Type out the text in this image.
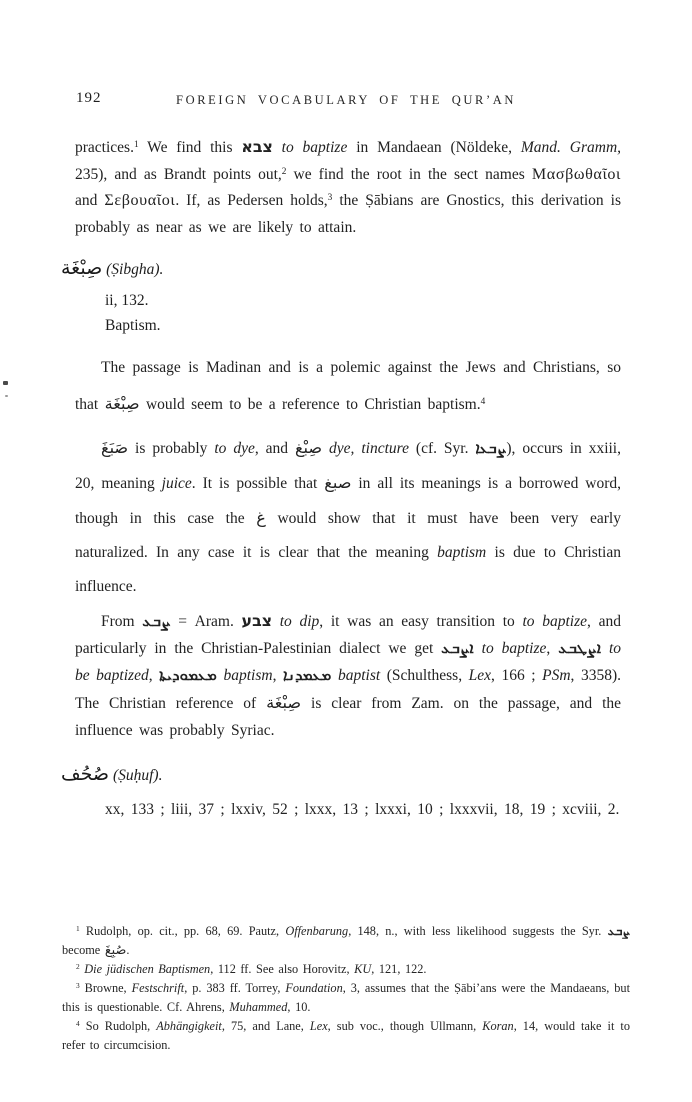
192	FOREIGN VOCABULARY OF THE QUR’AN

practices.$^1$ We find this צבא to baptize in Mandaean (Nöldeke, Mand. Gramm, 235), and as Brandt points out,$^2$ we find the root in the sect names Μασβωθαῖοι and Σεβουαῖοι. If, as Pedersen holds,$^3$ the Ṣābians are Gnostics, this derivation is probably as near as we are likely to attain.

صِبْغَة (Ṣibgha).
ii, 132.
Baptism.

The passage is Madinan and is a polemic against the Jews and Christians, so that صِبْغَة would seem to be a reference to Christian baptism.$^4$

صَبَغَ is probably to dye, and صِبْغ dye, tincture (cf. Syr. ܨܒܥܐ), occurs in xxiii, 20, meaning juice. It is possible that صبغ in all its meanings is a borrowed word, though in this case the غ would show that it must have been very early naturalized. In any case it is clear that the meaning baptism is due to Christian influence.

From ܨܒܥ = Aram. צבע to dip, it was an easy transition to to baptize, and particularly in the Christian-Palestinian dialect we get ܐܨܒܥ to baptize, ܐܨܛܒܥ to be baptized, ܡܥܡܘܕܝܬܐ baptism, ܡܥܡܕܢܐ baptist (Schulthess, Lex, 166 ; PSm, 3358). The Christian reference of صِبْغَة is clear from Zam. on the passage, and the influence was probably Syriac.

صُحُف (Ṣuḥuf).

xx, 133 ; liii, 37 ; lxxiv, 52 ; lxxx, 13 ; lxxxi, 10 ; lxxxvii, 18, 19 ; xcviii, 2.

$^1$ Rudolph, op. cit., pp. 68, 69. Pautz, Offenbarung, 148, n., with less likelihood suggests the Syr. ܨܒܥ become صُبِغَ.

$^2$ Die jüdischen Baptismen, 112 ff. See also Horovitz, KU, 121, 122.

$^3$ Browne, Festschrift, p. 383 ff. Torrey, Foundation, 3, assumes that the Ṣābi’ans were the Mandaeans, but this is questionable. Cf. Ahrens, Muhammed, 10.

$^4$ So Rudolph, Abhängigkeit, 75, and Lane, Lex, sub voc., though Ullmann, Koran, 14, would take it to refer to circumcision.
